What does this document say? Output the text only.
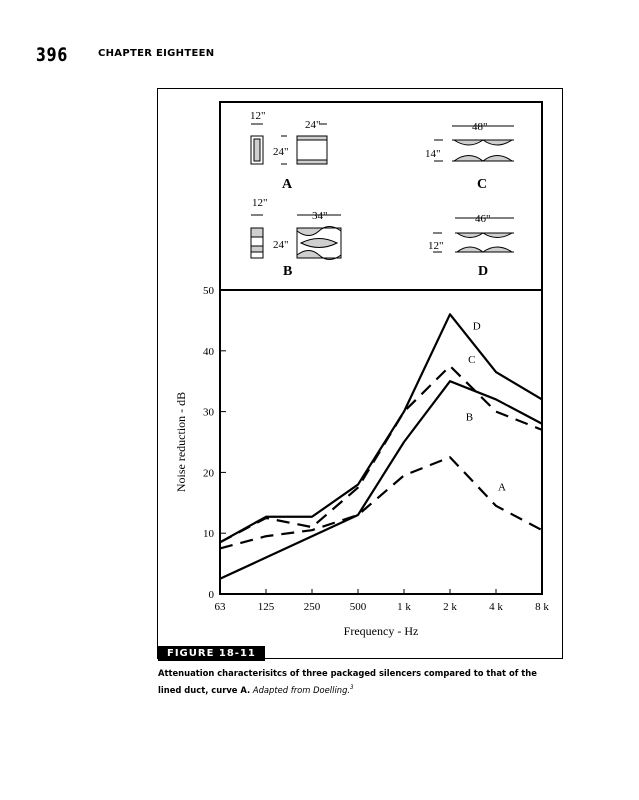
396	CHAPTER EIGHTEEN
12"
24"
24"
A
12"
24"
34"
B
48"
14"
C
46"
12"
D
Noise reduction - dB
Frequency - Hz
0
10
20
30
40
50
63	125	250	500	1 k	2 k	4 k	8 k
A
B
C
D
FIGURE 18-11
Attenuation characterisitcs of three packaged silencers compared to that of the lined duct, curve A. Adapted from Doelling.$^3$
